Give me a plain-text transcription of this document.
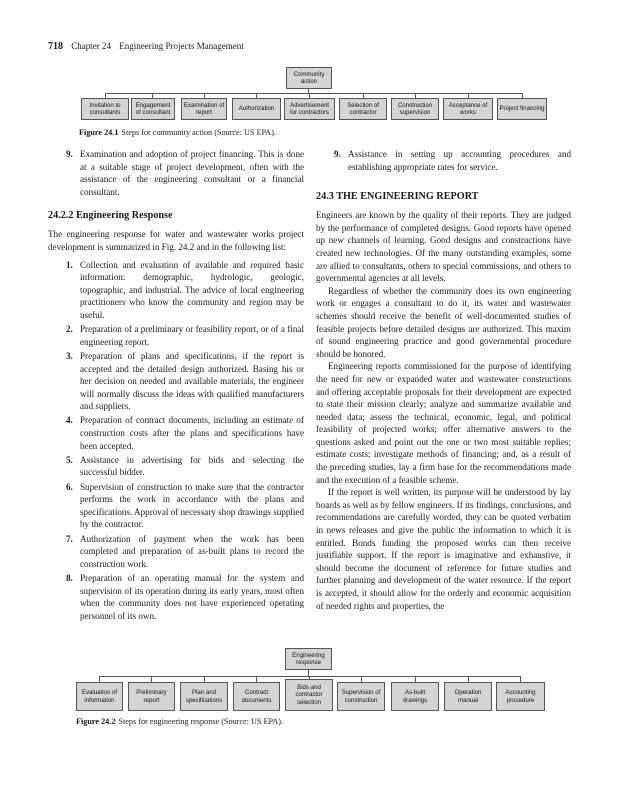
718 Chapter 24 Engineering Projects Management
Community action
Invitation to consultants
Engagement of consultant
Examination of report
Authorization
Advertisement for contractors
Selection of contractor
Construction supervision
Acceptance of works
Project financing
Figure 24.1 Steps for community action (Source: US EPA).

9. Examination and adoption of project financing. This is done at a suitable stage of project development, often with the assistance of the engineering consultant or a financial consultant.

24.2.2 Engineering Response

The engineering response for water and wastewater works project development is summarized in Fig. 24.2 and in the following list:

1. Collection and evaluation of available and required basic information: demographic, hydrologic, geologic, topographic, and industrial. The advice of local engineering practitioners who know the community and region may be useful.

2. Preparation of a preliminary or feasibility report, or of a final engineering report.

3. Preparation of plans and specifications, if the report is accepted and the detailed design authorized. Basing his or her decision on needed and available materials, the engineer will normally discuss the ideas with qualified manufacturers and suppliers.

4. Preparation of contract documents, including an estimate of construction costs after the plans and specifications have been accepted.

5. Assistance in advertising for bids and selecting the successful bidder.

6. Supervision of construction to make sure that the contractor performs the work in accordance with the plans and specifications. Approval of necessary shop drawings supplied by the contractor.

7. Authorization of payment when the work has been completed and preparation of as-built plans to record the construction work.

8. Preparation of an operating manual for the system and supervision of its operation during its early years, most often when the community does not have experienced operating personnel of its own.

9. Assistance in setting up accounting procedures and establishing appropriate rates for service.

24.3 THE ENGINEERING REPORT

Engineers are known by the quality of their reports. They are judged by the performance of completed designs. Good reports have opened up new channels of learning. Good designs and constructions have created new technologies. Of the many outstanding examples, some are allied to consultants, others to special commissions, and others to governmental agencies at all levels.

Regardless of whether the community does its own engineering work or engages a consultant to do it, its water and wastewater schemes should receive the benefit of well-documented studies of feasible projects before detailed designs are authorized. This maxim of sound engineering practice and good governmental procedure should be honored.

Engineering reports commissioned for the purpose of identifying the need for new or expanded water and wastewater constructions and offering acceptable proposals for their development are expected to state their mission clearly; analyze and summarize available and needed data; assess the technical, economic, legal, and political feasibility of projected works; offer alternative answers to the questions asked and point out the one or two most suitable replies; estimate costs; investigate methods of financing; and, as a result of the preceding studies, lay a firm base for the recommendations made and the execution of a feasible scheme.

If the report is well written, its purpose will be understood by lay boards as well as by fellow engineers. If its findings, conclusions, and recommendations are carefully worded, they can be quoted verbatim in news releases and give the public the information to which it is entitled. Bonds funding the proposed works can then receive justifiable support. If the report is imaginative and exhaustive, it should become the document of reference for future studies and further planning and development of the water resource. If the report is accepted, it should allow for the orderly and economic acquisition of needed rights and properties, the

Engineering response
Evaluation of information
Preliminary report
Plan and specifications
Contract documents
Bids and contractor selection
Supervision of construction
As-built drawings
Operation manual
Accounting procedure
Figure 24.2 Steps for engineering response (Source: US EPA).
